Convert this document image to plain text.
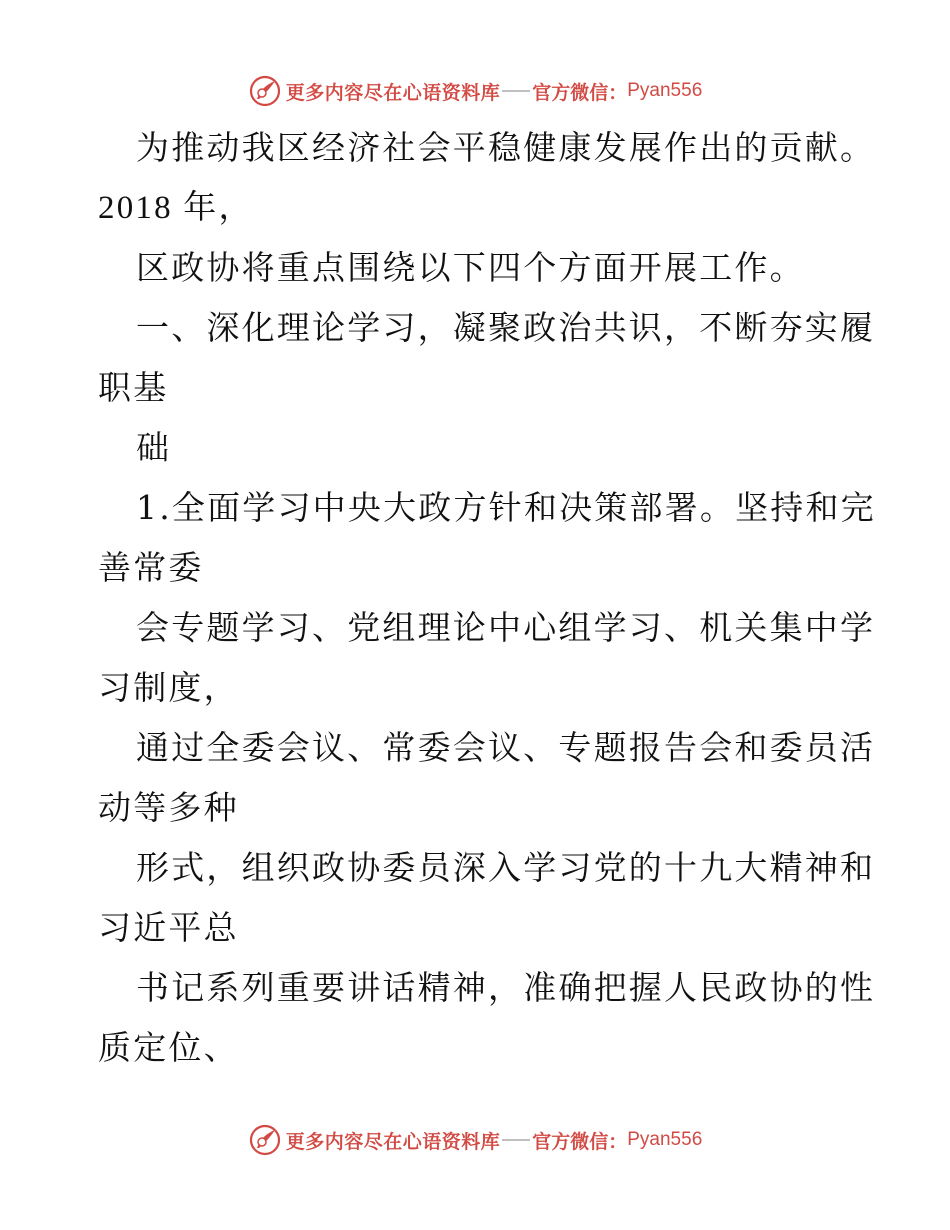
更多内容尽在心语资料库 官方微信： Pyan556
为推动我区经济社会平稳健康发展作出的贡献。
2018 年，
区政协将重点围绕以下四个方面开展工作。
一、深化理论学习，凝聚政治共识，不断夯实履
职基
础
1.全面学习中央大政方针和决策部署。坚持和完
善常委
会专题学习、党组理论中心组学习、机关集中学
习制度，
通过全委会议、常委会议、专题报告会和委员活
动等多种
形式，组织政协委员深入学习党的十九大精神和
习近平总
书记系列重要讲话精神，准确把握人民政协的性
质定位、
更多内容尽在心语资料库 官方微信： Pyan556
